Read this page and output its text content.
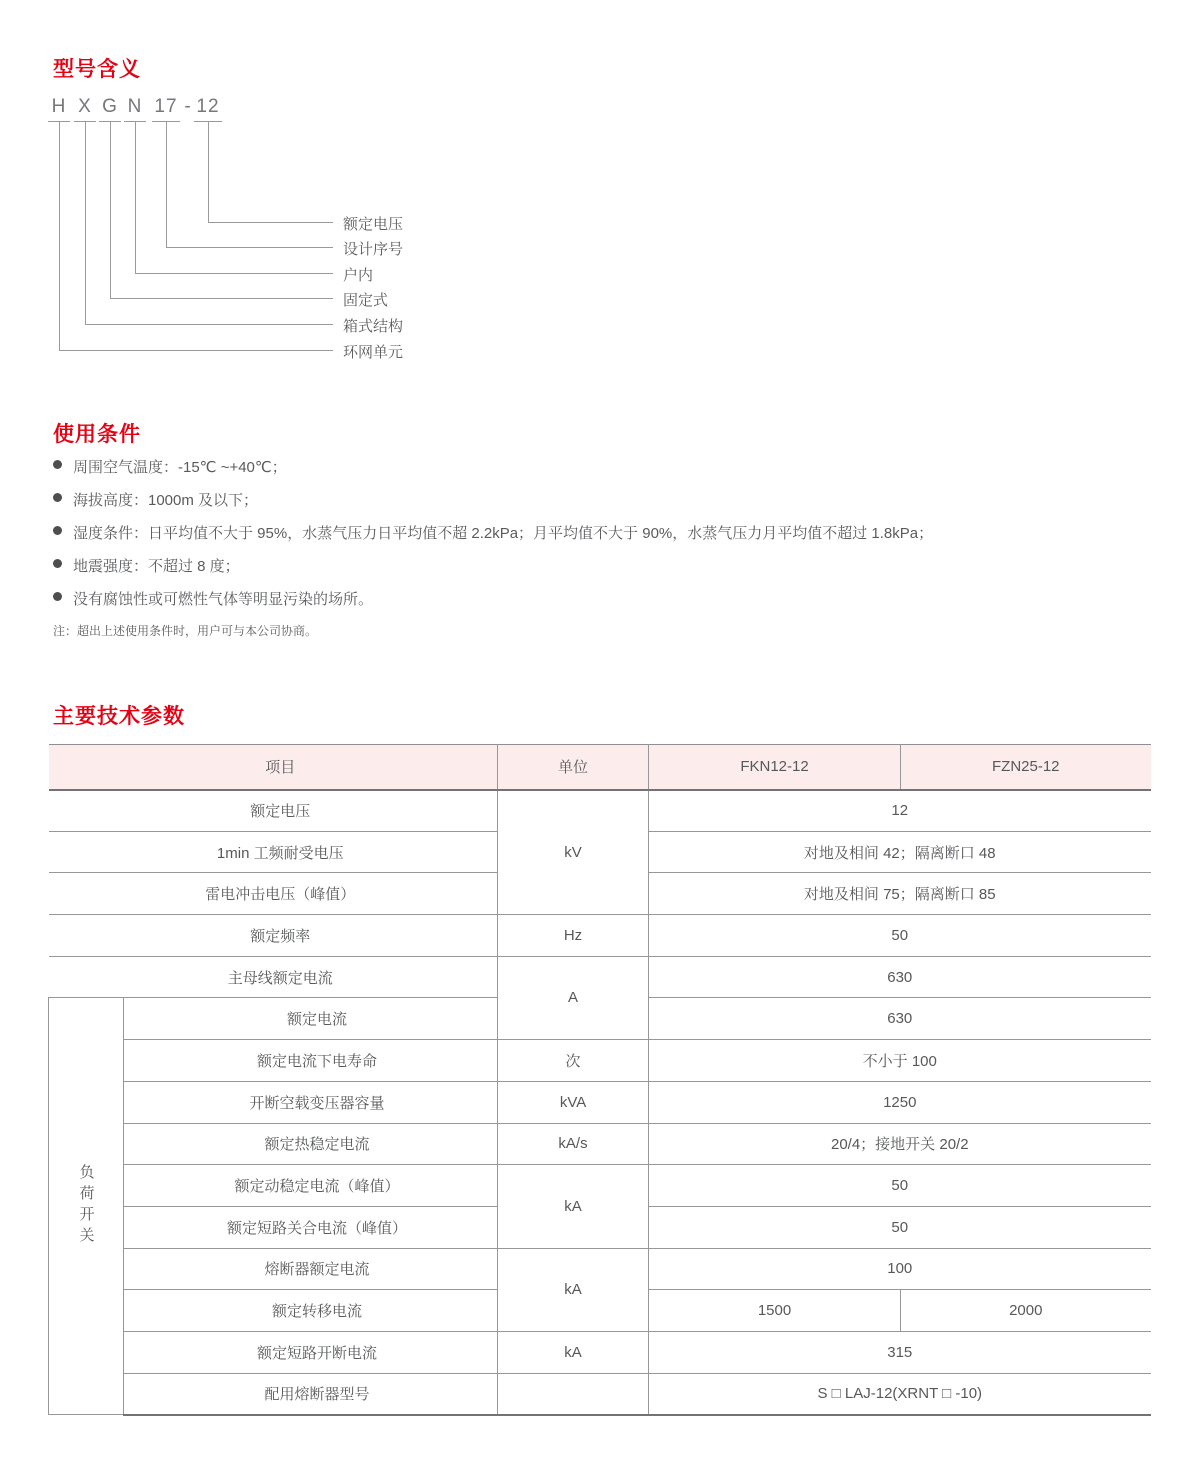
型号含义
H X G N 17 - 12
额定电压
设计序号
户内
固定式
箱式结构
环网单元
使用条件
周围空气温度：-15℃ ~+40℃；
海拔高度：1000m 及以下；
湿度条件：日平均值不大于 95%，水蒸气压力日平均值不超 2.2kPa；月平均值不大于 90%，水蒸气压力月平均值不超过 1.8kPa；
地震强度：不超过 8 度；
没有腐蚀性或可燃性气体等明显污染的场所。

注：超出上述使用条件时，用户可与本公司协商。

主要技术参数
项目		单位	FKN12-12	FZN25-12
额定电压		kV	12	
1min 工频耐受电压			对地及相间 42；隔离断口 48	
雷电冲击电压（峰值）			对地及相间 75；隔离断口 85	
额定频率		Hz	50	
主母线额定电流		A	630	
负荷开关	额定电流		630	
	额定电流下电寿命	次	不小于 100	
	开断空载变压器容量	kVA	1250	
	额定热稳定电流	kA/s	20/4；接地开关 20/2	
	额定动稳定电流（峰值）	kA	50	
	额定短路关合电流（峰值）		50	
	熔断器额定电流	kA	100	
	额定转移电流		1500	2000
	额定短路开断电流	kA	315	
	配用熔断器型号		S □ LAJ-12(XRNT □ -10)	
